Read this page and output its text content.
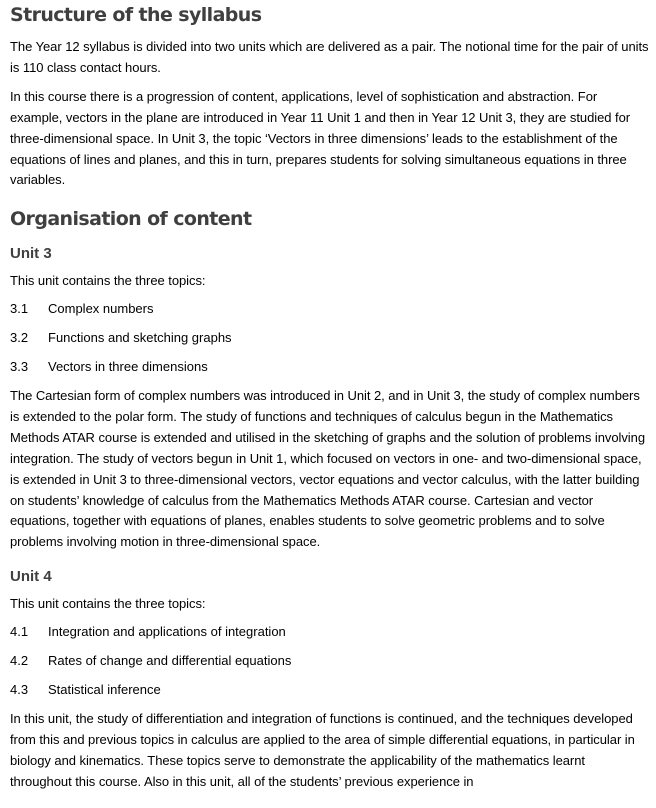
Structure of the syllabus

The Year 12 syllabus is divided into two units which are delivered as a pair. The notional time for the pair of units is 110 class contact hours.

In this course there is a progression of content, applications, level of sophistication and abstraction. For example, vectors in the plane are introduced in Year 11 Unit 1 and then in Year 12 Unit 3, they are studied for three-dimensional space. In Unit 3, the topic ‘Vectors in three dimensions’ leads to the establishment of the equations of lines and planes, and this in turn, prepares students for solving simultaneous equations in three variables.

Organisation of content
Unit 3

This unit contains the three topics:

3.1	Complex numbers
3.2	Functions and sketching graphs
3.3	Vectors in three dimensions

The Cartesian form of complex numbers was introduced in Unit 2, and in Unit 3, the study of complex numbers is extended to the polar form. The study of functions and techniques of calculus begun in the Mathematics Methods ATAR course is extended and utilised in the sketching of graphs and the solution of problems involving integration. The study of vectors begun in Unit 1, which focused on vectors in one- and two-dimensional space, is extended in Unit 3 to three-dimensional vectors, vector equations and vector calculus, with the latter building on students’ knowledge of calculus from the Mathematics Methods ATAR course. Cartesian and vector equations, together with equations of planes, enables students to solve geometric problems and to solve problems involving motion in three-dimensional space.

Unit 4

This unit contains the three topics:

4.1	Integration and applications of integration
4.2	Rates of change and differential equations
4.3	Statistical inference

In this unit, the study of differentiation and integration of functions is continued, and the techniques developed from this and previous topics in calculus are applied to the area of simple differential equations, in particular in biology and kinematics. These topics serve to demonstrate the applicability of the mathematics learnt throughout this course. Also in this unit, all of the students’ previous experience in
